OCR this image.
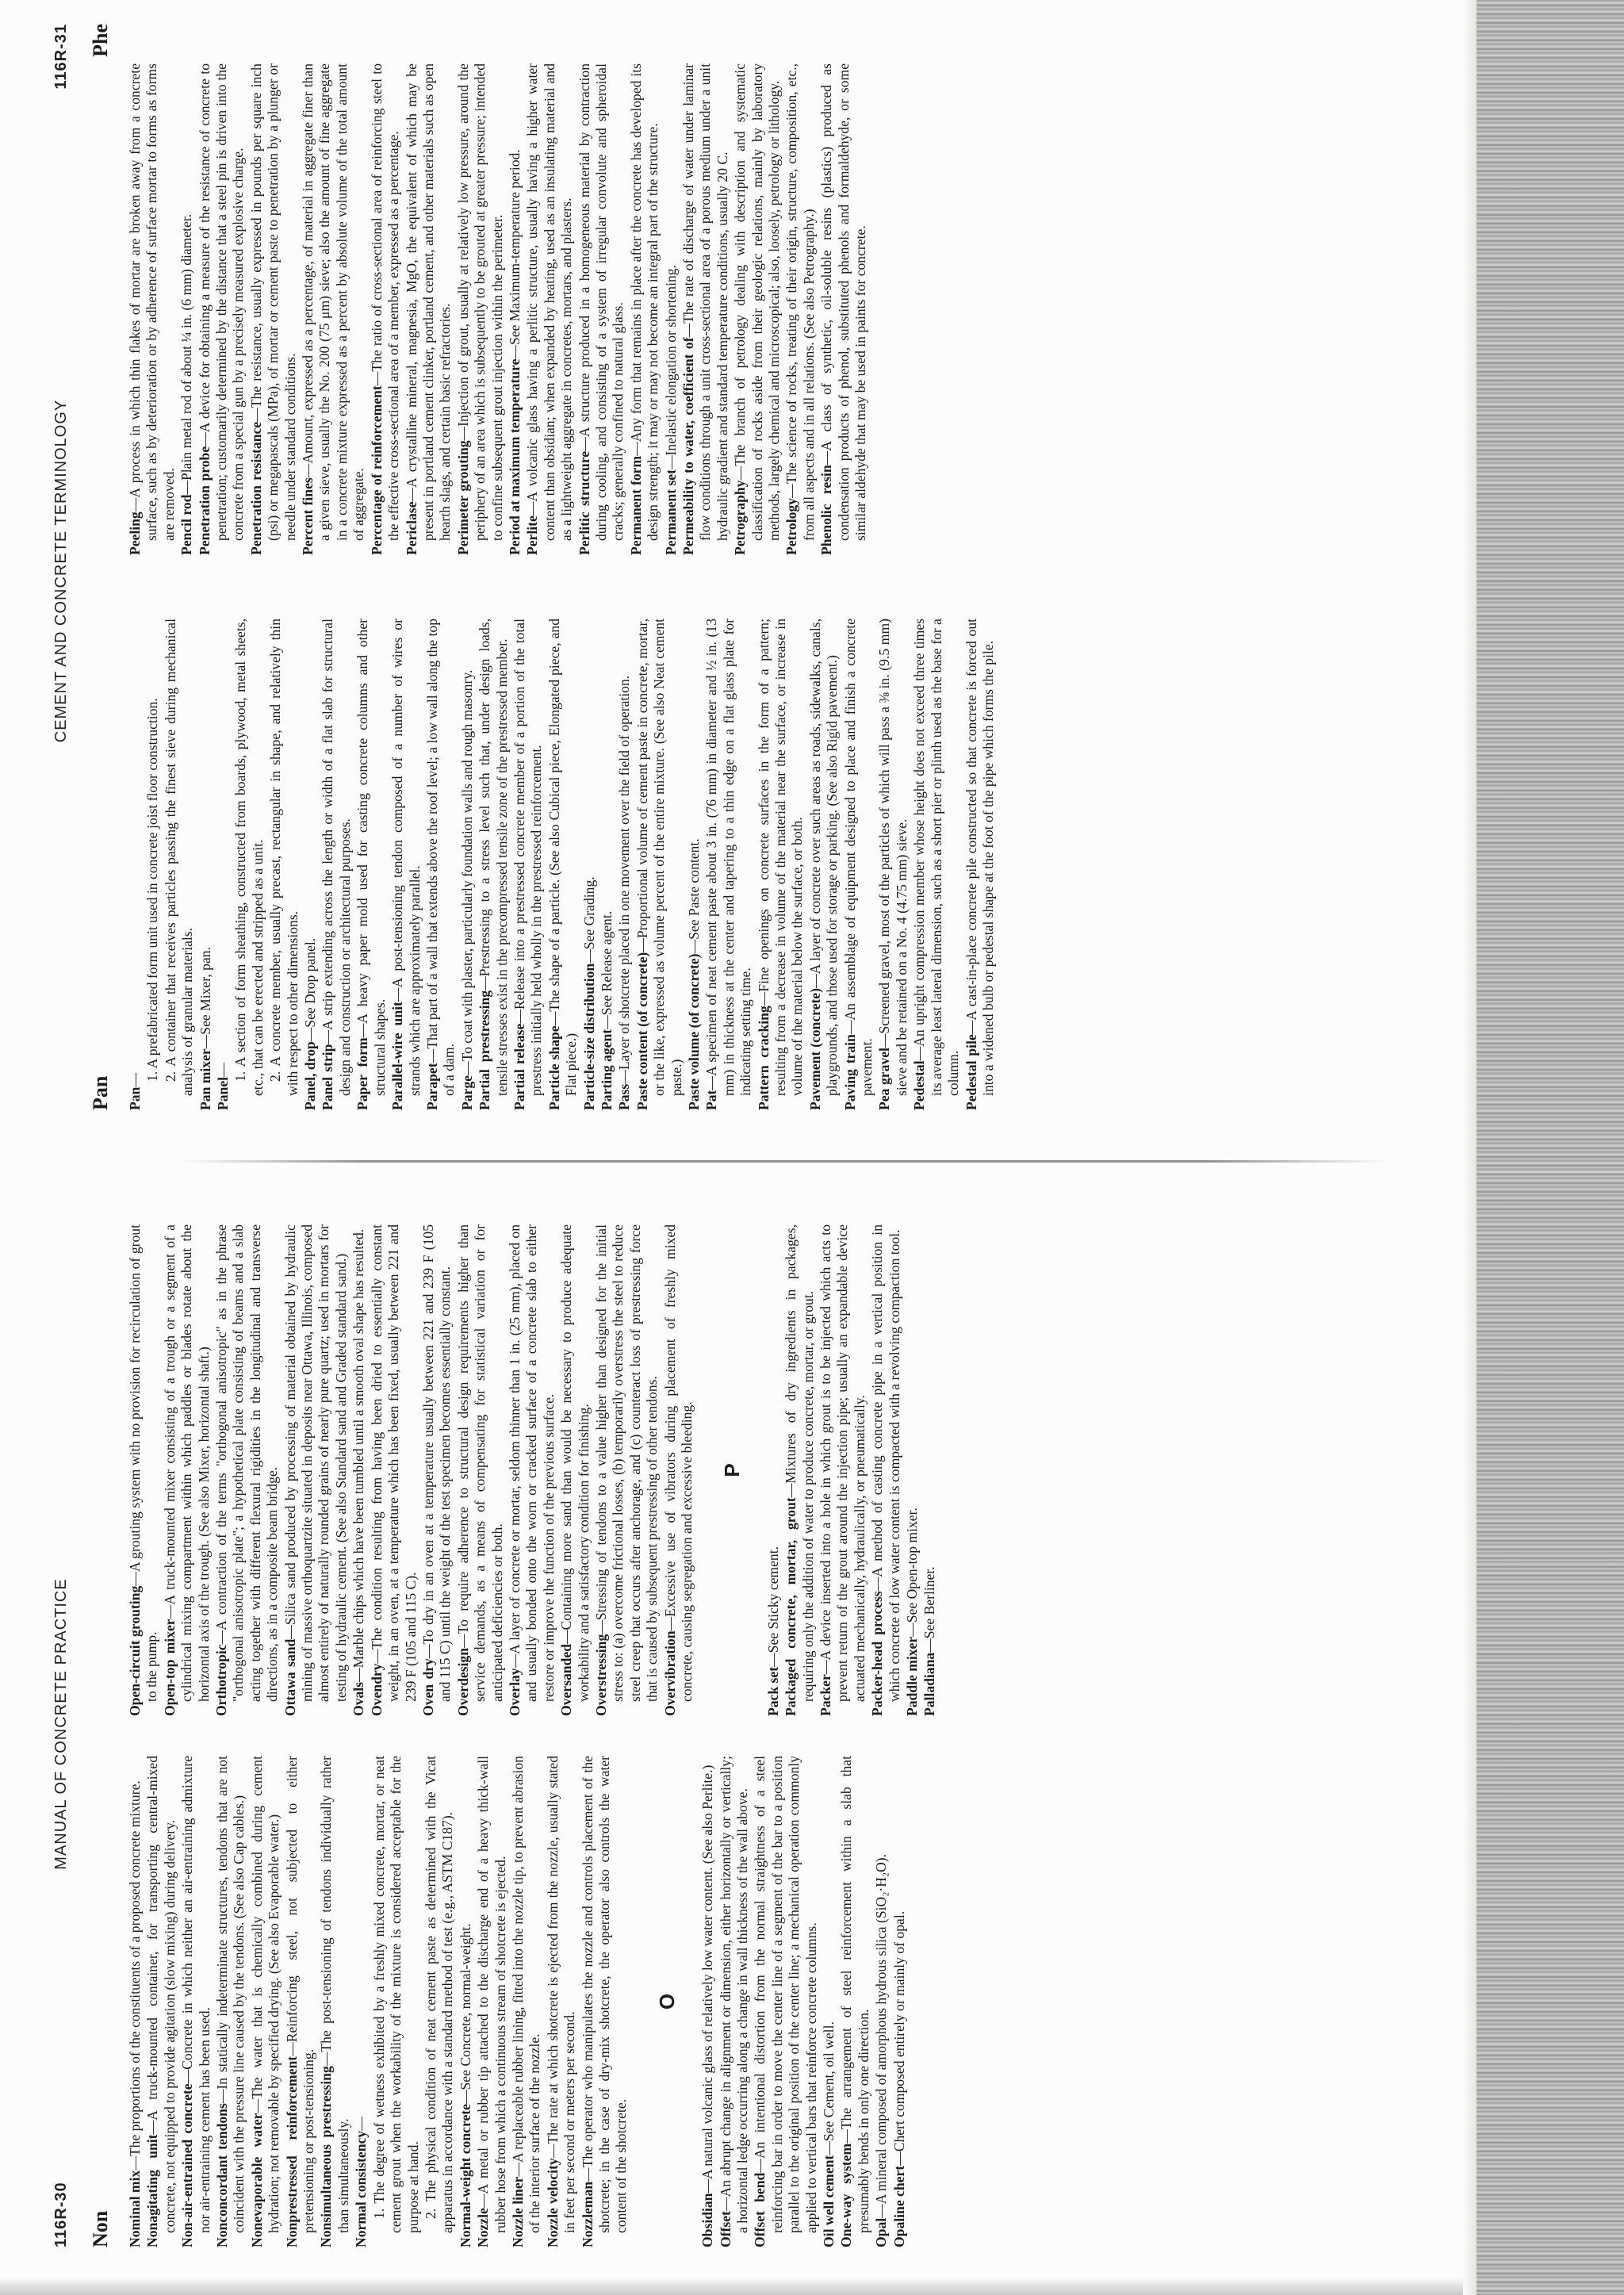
116R-30
MANUAL OF CONCRETE PRACTICE
Non Nominal mix—The proportions of the constituents of a proposed concrete mixture.
Nonagitating unit—A truck-mounted container, for transporting central-mixed concrete, not equipped to provide agitation (slow mixing) during delivery. Non-air-entrained concrete—Concrete in which neither an air-entraining admixture nor air-entraining cement has been used. Nonconcordant tendons—In statically indeterminate structures, tendons that are not coincident with the pressure line caused by the tendons. (See also Cap cables.) Nonevaporable water—The water that is chemically combined during cement hydration; not removable by specified drying. (See also Evaporable water.) Nonprestressed reinforcement—Reinforcing steel, not subjected to either pretensioning or post-tensioning. Nonsimultaneous prestressing—The post-tensioning of tendons individually rather than simultaneously. Normal consistency— 1. The degree of wetness exhibited by a freshly mixed concrete, mortar, or neat cement grout when the workability of the mixture is considered acceptable for the purpose at hand. 2. The physical condition of neat cement paste as determined with the Vicat apparatus in accordance with a standard method of test (e.g., ASTM C187). Normal-weight concrete—See Concrete, normal-weight.
Nozzle—A metal or rubber tip attached to the discharge end of a heavy thick-wall rubber hose from which a continuous stream of shotcrete is ejected. Nozzle liner—A replaceable rubber lining, fitted into the nozzle tip, to prevent abrasion of the interior surface of the nozzle. Nozzle velocity—The rate at which shotcrete is ejected from the nozzle, usually stated in feet per second or meters per second. Nozzleman—The operator who manipulates the nozzle and controls placement of the shotcrete; in the case of dry-mix shotcrete, the operator also controls the water content of the shotcrete.
O
Obsidian—A natural volcanic glass of relatively low water content. (See also Perlite.)
Offset—An abrupt change in alignment or dimension, either horizontally or vertically; a horizontal ledge occurring along a change in wall thickness of the wall above. Offset bend—An intentional distortion from the normal straightness of a steel reinforcing bar in order to move the center line of a segment of the bar to a position parallel to the original position of the center line; a mechanical operation commonly applied to vertical bars that reinforce concrete columns. Oil well cement—See Cement, oil well.
One-way system—The arrangement of steel reinforcement within a slab that presumably bends in only one direction. Opal—A mineral composed of amorphous hydrous silica (SiO₂·H₂O). Opaline chert—Chert composed entirely or mainly of opal.
Open-circuit grouting—A grouting system with no provision for recirculation of grout to the pump. Open-top mixer—A truck-mounted mixer consisting of a trough or a segment of a cylindrical mixing compartment within which paddles or blades rotate about the horizontal axis of the trough. (See also Mixer, horizontal shaft.) Orthotropic—A contraction of the terms "orthogonal anisotropic" as in the phrase "orthogonal anisotropic plate"; a hypothetical plate consisting of beams and a slab acting together with different flexural rigidities in the longitudinal and transverse directions, as in a composite beam bridge. Ottawa sand—Silica sand produced by processing of material obtained by hydraulic mining of massive orthoquartzite situated in deposits near Ottawa, Illinois, composed almost entirely of naturally rounded grains of nearly pure quartz; used in mortars for testing of hydraulic cement. (See also Standard sand and Graded standard sand.) Ovals—Marble chips which have been tumbled until a smooth oval shape has resulted.
Ovendry—The condition resulting from having been dried to essentially constant weight, in an oven, at a temperature which has been fixed, usually between 221 and 239 F (105 and 115 C). Oven dry—To dry in an oven at a temperature usually between 221 and 239 F (105 and 115 C) until the weight of the test specimen becomes essentially constant. Overdesign—To require adherence to structural design requirements higher than service demands, as a means of compensating for statistical variation or for anticipated deficiencies or both. Overlay—A layer of concrete or mortar, seldom thinner than 1 in. (25 mm), placed on and usually bonded onto the worn or cracked surface of a concrete slab to either restore or improve the function of the previous surface. Oversanded—Containing more sand than would be necessary to produce adequate workability and a satisfactory condition for finishing. Overstressing—Stressing of tendons to a value higher than designed for the initial stress to: (a) overcome frictional losses, (b) temporarily overstress the steel to reduce steel creep that occurs after anchorage, and (c) counteract loss of prestressing force that is caused by subsequent prestressing of other tendons. Overvibration—Excessive use of vibrators during placement of freshly mixed concrete, causing segregation and excessive bleeding. P
Pack set—See Sticky cement. Packaged concrete, mortar, grout—Mixtures of dry ingredients in packages, requiring only the addition of water to produce concrete, mortar, or grout. Packer—A device inserted into a hole in which grout is to be injected which acts to prevent return of the grout around the injection pipe; usually an expandable device actuated mechanically, hydraulically, or pneumatically. Packer-head process—A method of casting concrete pipe in a vertical position in which concrete of low water content is compacted with a revolving compaction tool. Paddle mixer—See Open-top mixer.
Palladiana—See Berliner.
CEMENT AND CONCRETE TERMINOLOGY
116R-31
Pan
Phe
Pan— 1. A prefabricated form unit used in concrete joist floor construction. 2. A container that receives particles passing the finest sieve during mechanical analysis of granular materials. Pan mixer—See Mixer, pan.
Panel— 1. A section of form sheathing, constructed from boards, plywood, metal sheets, etc., that can be erected and stripped as a unit. 2. A concrete member, usually precast, rectangular in shape, and relatively thin with respect to other dimensions. Panel, drop—See Drop panel.
Panel strip—A strip extending across the length or width of a flat slab for structural design and construction or architectural purposes. Paper form—A heavy paper mold used for casting concrete columns and other structural shapes. Parallel-wire unit—A post-tensioning tendon composed of a number of wires or strands which are approximately parallel. Parapet—That part of a wall that extends above the roof level; a low wall along the top of a dam. Parge—To coat with plaster, particularly foundation walls and rough masonry. Partial prestressing—Prestressing to a stress level such that, under design loads, tensile stresses exist in the precompressed tensile zone of the prestressed member. Partial release—Release into a prestressed concrete member of a portion of the total prestress initially held wholly in the prestressed reinforcement. Particle shape—The shape of a particle. (See also Cubical piece, Elongated piece, and Flat piece.) Particle-size distribution—See Grading.
Parting agent—See Release agent.
Pass—Layer of shotcrete placed in one movement over the field of operation. Paste content (of concrete)—Proportional volume of cement paste in concrete, mortar, or the like, expressed as volume percent of the entire mixture. (See also Neat cement paste.) Paste volume (of concrete)—See Paste content.
Pat—A specimen of neat cement paste about 3 in. (76 mm) in diameter and ½ in. (13 mm) in thickness at the center and tapering to a thin edge on a flat glass plate for indicating setting time. Pattern cracking—Fine openings on concrete surfaces in the form of a pattern; resulting from a decrease in volume of the material near the surface, or increase in volume of the material below the surface, or both. Pavement (concrete)—A layer of concrete over such areas as roads, sidewalks, canals, playgrounds, and those used for storage or parking. (See also Rigid pavement.) Paving train—An assemblage of equipment designed to place and finish a concrete pavement. Pea gravel—Screened gravel, most of the particles of which will pass a ⅜ in. (9.5 mm) sieve and be retained on a No. 4 (4.75 mm) sieve. Pedestal—An upright compression member whose height does not exceed three times its average least lateral dimension, such as a short pier or plinth used as the base for a column. Pedestal pile—A cast-in-place concrete pile constructed so that concrete is forced out into a widened bulb or pedestal shape at the foot of the pipe which forms the pile.
Peeling—A process in which thin flakes of mortar are broken away from a concrete surface, such as by deterioration or by adherence of surface mortar to forms as forms are removed. Pencil rod—Plain metal rod of about ¼ in. (6 mm) diameter.
Penetration probe—A device for obtaining a measure of the resistance of concrete to penetration; customarily determined by the distance that a steel pin is driven into the concrete from a special gun by a precisely measured explosive charge. Penetration resistance—The resistance, usually expressed in pounds per square inch (psi) or megapascals (MPa), of mortar or cement paste to penetration by a plunger or needle under standard conditions. Percent fines—Amount, expressed as a percentage, of material in aggregate finer than a given sieve, usually the No. 200 (75 μm) sieve; also the amount of fine aggregate in a concrete mixture expressed as a percent by absolute volume of the total amount of aggregate. Percentage of reinforcement—The ratio of cross-sectional area of reinforcing steel to the effective cross-sectional area of a member, expressed as a percentage. Periclase—A crystalline mineral, magnesia, MgO, the equivalent of which may be present in portland cement clinker, portland cement, and other materials such as open hearth slags, and certain basic refractories. Perimeter grouting—Injection of grout, usually at relatively low pressure, around the periphery of an area which is subsequently to be grouted at greater pressure; intended to confine subsequent grout injection within the perimeter. Period at maximum temperature—See Maximum-temperature period.
Perlite—A volcanic glass having a perlitic structure, usually having a higher water content than obsidian; when expanded by heating, used as an insulating material and as a lightweight aggregate in concretes, mortars, and plasters. Perlitic structure—A structure produced in a homogeneous material by contraction during cooling, and consisting of a system of irregular convolute and spheroidal cracks; generally confined to natural glass. Permanent form—Any form that remains in place after the concrete has developed its design strength; it may or may not become an integral part of the structure. Permanent set—Inelastic elongation or shortening. Permeability to water, coefficient of—The rate of discharge of water under laminar flow conditions through a unit cross-sectional area of a porous medium under a unit hydraulic gradient and standard temperature conditions, usually 20 C. Petrography—The branch of petrology dealing with description and systematic classification of rocks aside from their geologic relations, mainly by laboratory methods, largely chemical and microscopical; also, loosely, petrology or lithology. Petrology—The science of rocks, treating of their origin, structure, composition, etc., from all aspects and in all relations. (See also Petrography.) Phenolic resin—A class of synthetic, oil-soluble resins (plastics) produced as condensation products of phenol, substituted phenols and formaldehyde, or some similar aldehyde that may be used in paints for concrete.
